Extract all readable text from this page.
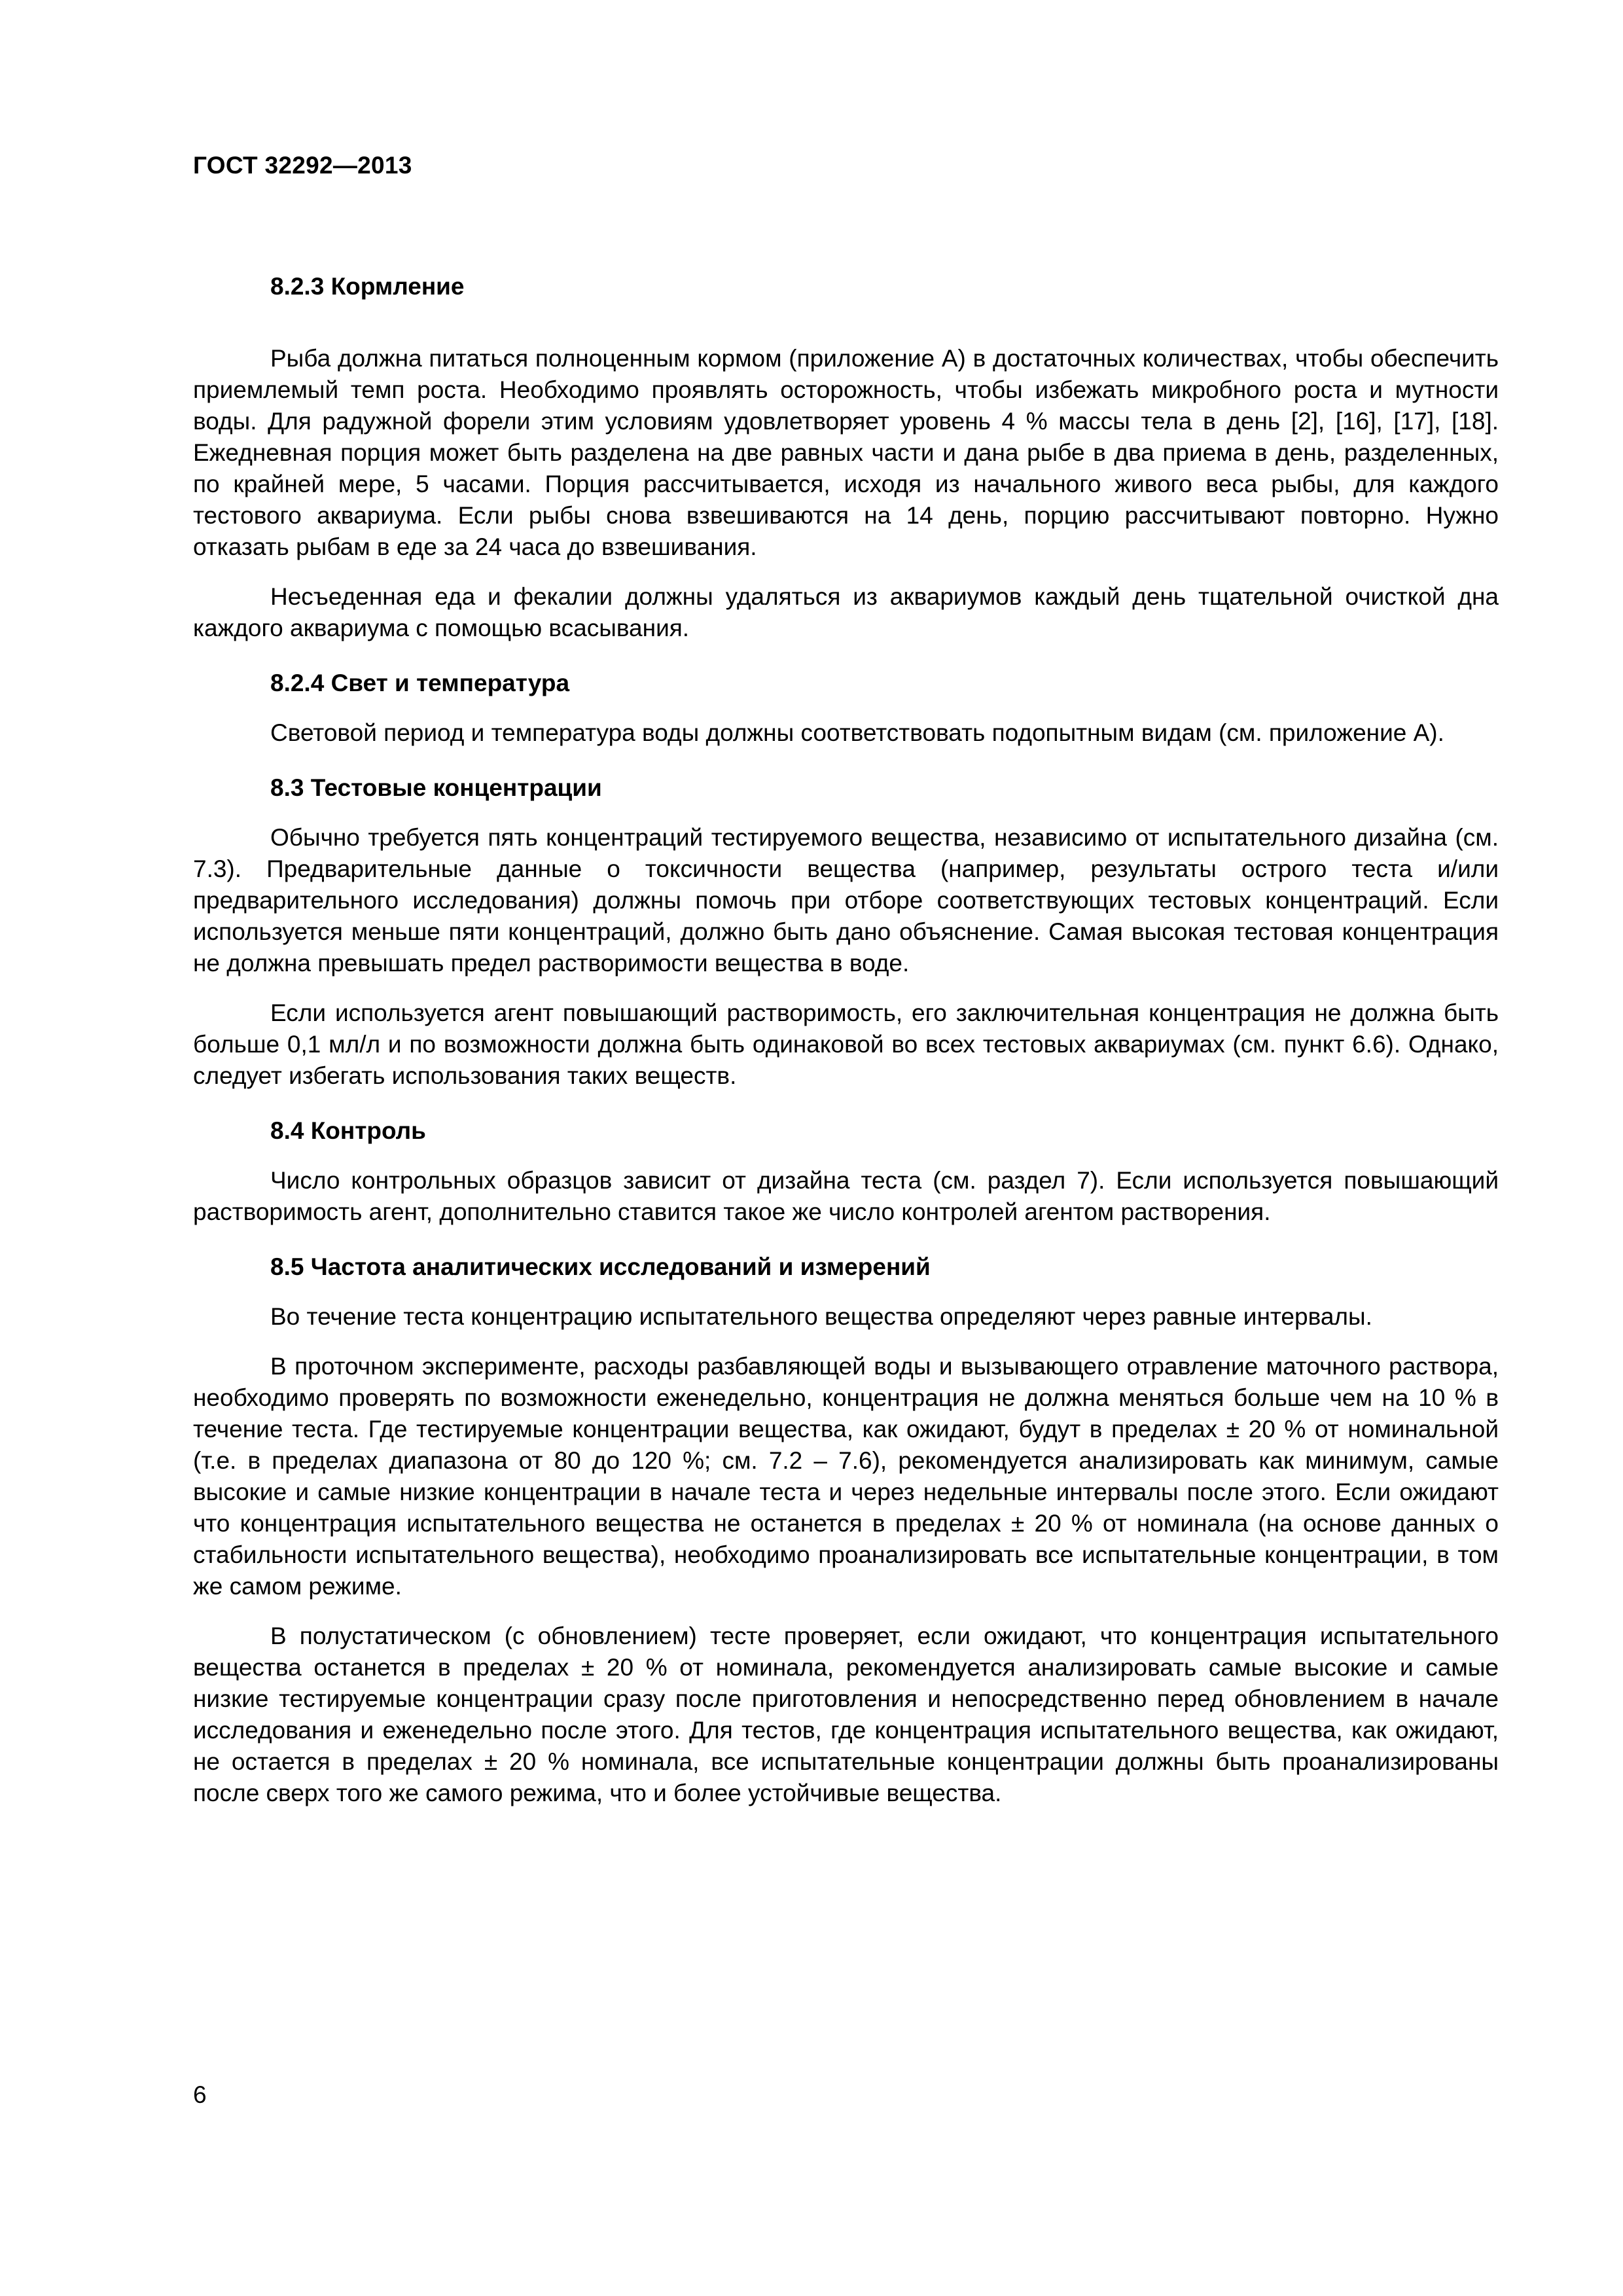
ГОСТ 32292—2013

8.2.3 Кормление

Рыба должна питаться полноценным кормом (приложение А) в достаточных количествах, чтобы обеспечить приемлемый темп роста. Необходимо проявлять осторожность, чтобы избежать микробного роста и мутности воды. Для радужной форели этим условиям удовлетворяет уровень 4 % массы тела в день [2], [16], [17], [18]. Ежедневная порция может быть разделена на две равных части и дана рыбе в два приема в день, разделенных, по крайней мере, 5 часами. Порция рассчитывается, исходя из начального живого веса рыбы, для каждого тестового аквариума. Если рыбы снова взвешиваются на 14 день, порцию рассчитывают повторно. Нужно отказать рыбам в еде за 24 часа до взвешивания.

Несъеденная еда и фекалии должны удаляться из аквариумов каждый день тщательной очисткой дна каждого аквариума с помощью всасывания.

8.2.4 Свет и температура

Световой период и температура воды должны соответствовать подопытным видам (см. приложение А).

8.3 Тестовые концентрации

Обычно требуется пять концентраций тестируемого вещества, независимо от испытательного дизайна (см. 7.3). Предварительные данные о токсичности вещества (например, результаты острого теста и/или предварительного исследования) должны помочь при отборе соответствующих тестовых концентраций. Если используется меньше пяти концентраций, должно быть дано объяснение. Самая высокая тестовая концентрация не должна превышать предел растворимости вещества в воде.

Если используется агент повышающий растворимость, его заключительная концентрация не должна быть больше 0,1 мл/л и по возможности должна быть одинаковой во всех тестовых аквариумах (см. пункт 6.6). Однако, следует избегать использования таких веществ.

8.4 Контроль

Число контрольных образцов зависит от дизайна теста (см. раздел 7). Если используется повышающий растворимость агент, дополнительно ставится такое же число контролей агентом растворения.

8.5 Частота аналитических исследований и измерений

Во течение теста концентрацию испытательного вещества определяют через равные интервалы.

В проточном эксперименте, расходы разбавляющей воды и вызывающего отравление маточного раствора, необходимо проверять по возможности еженедельно, концентрация не должна меняться больше чем на 10 % в течение теста. Где тестируемые концентрации вещества, как ожидают, будут в пределах ± 20 % от номинальной (т.е. в пределах диапазона от 80 до 120 %; см. 7.2 – 7.6), рекомендуется анализировать как минимум, самые высокие и самые низкие концентрации в начале теста и через недельные интервалы после этого. Если ожидают что концентрация испытательного вещества не останется в пределах ± 20 % от номинала (на основе данных о стабильности испытательного вещества), необходимо проанализировать все испытательные концентрации, в том же самом режиме.

В полустатическом (с обновлением) тесте проверяет, если ожидают, что концентрация испытательного вещества останется в пределах ± 20 % от номинала, рекомендуется анализировать самые высокие и самые низкие тестируемые концентрации сразу после приготовления и непосредственно перед обновлением в начале исследования и еженедельно после этого. Для тестов, где концентрация испытательного вещества, как ожидают, не остается в пределах ± 20 % номинала, все испытательные концентрации должны быть проанализированы после сверх того же самого режима, что и более устойчивые вещества.

6
